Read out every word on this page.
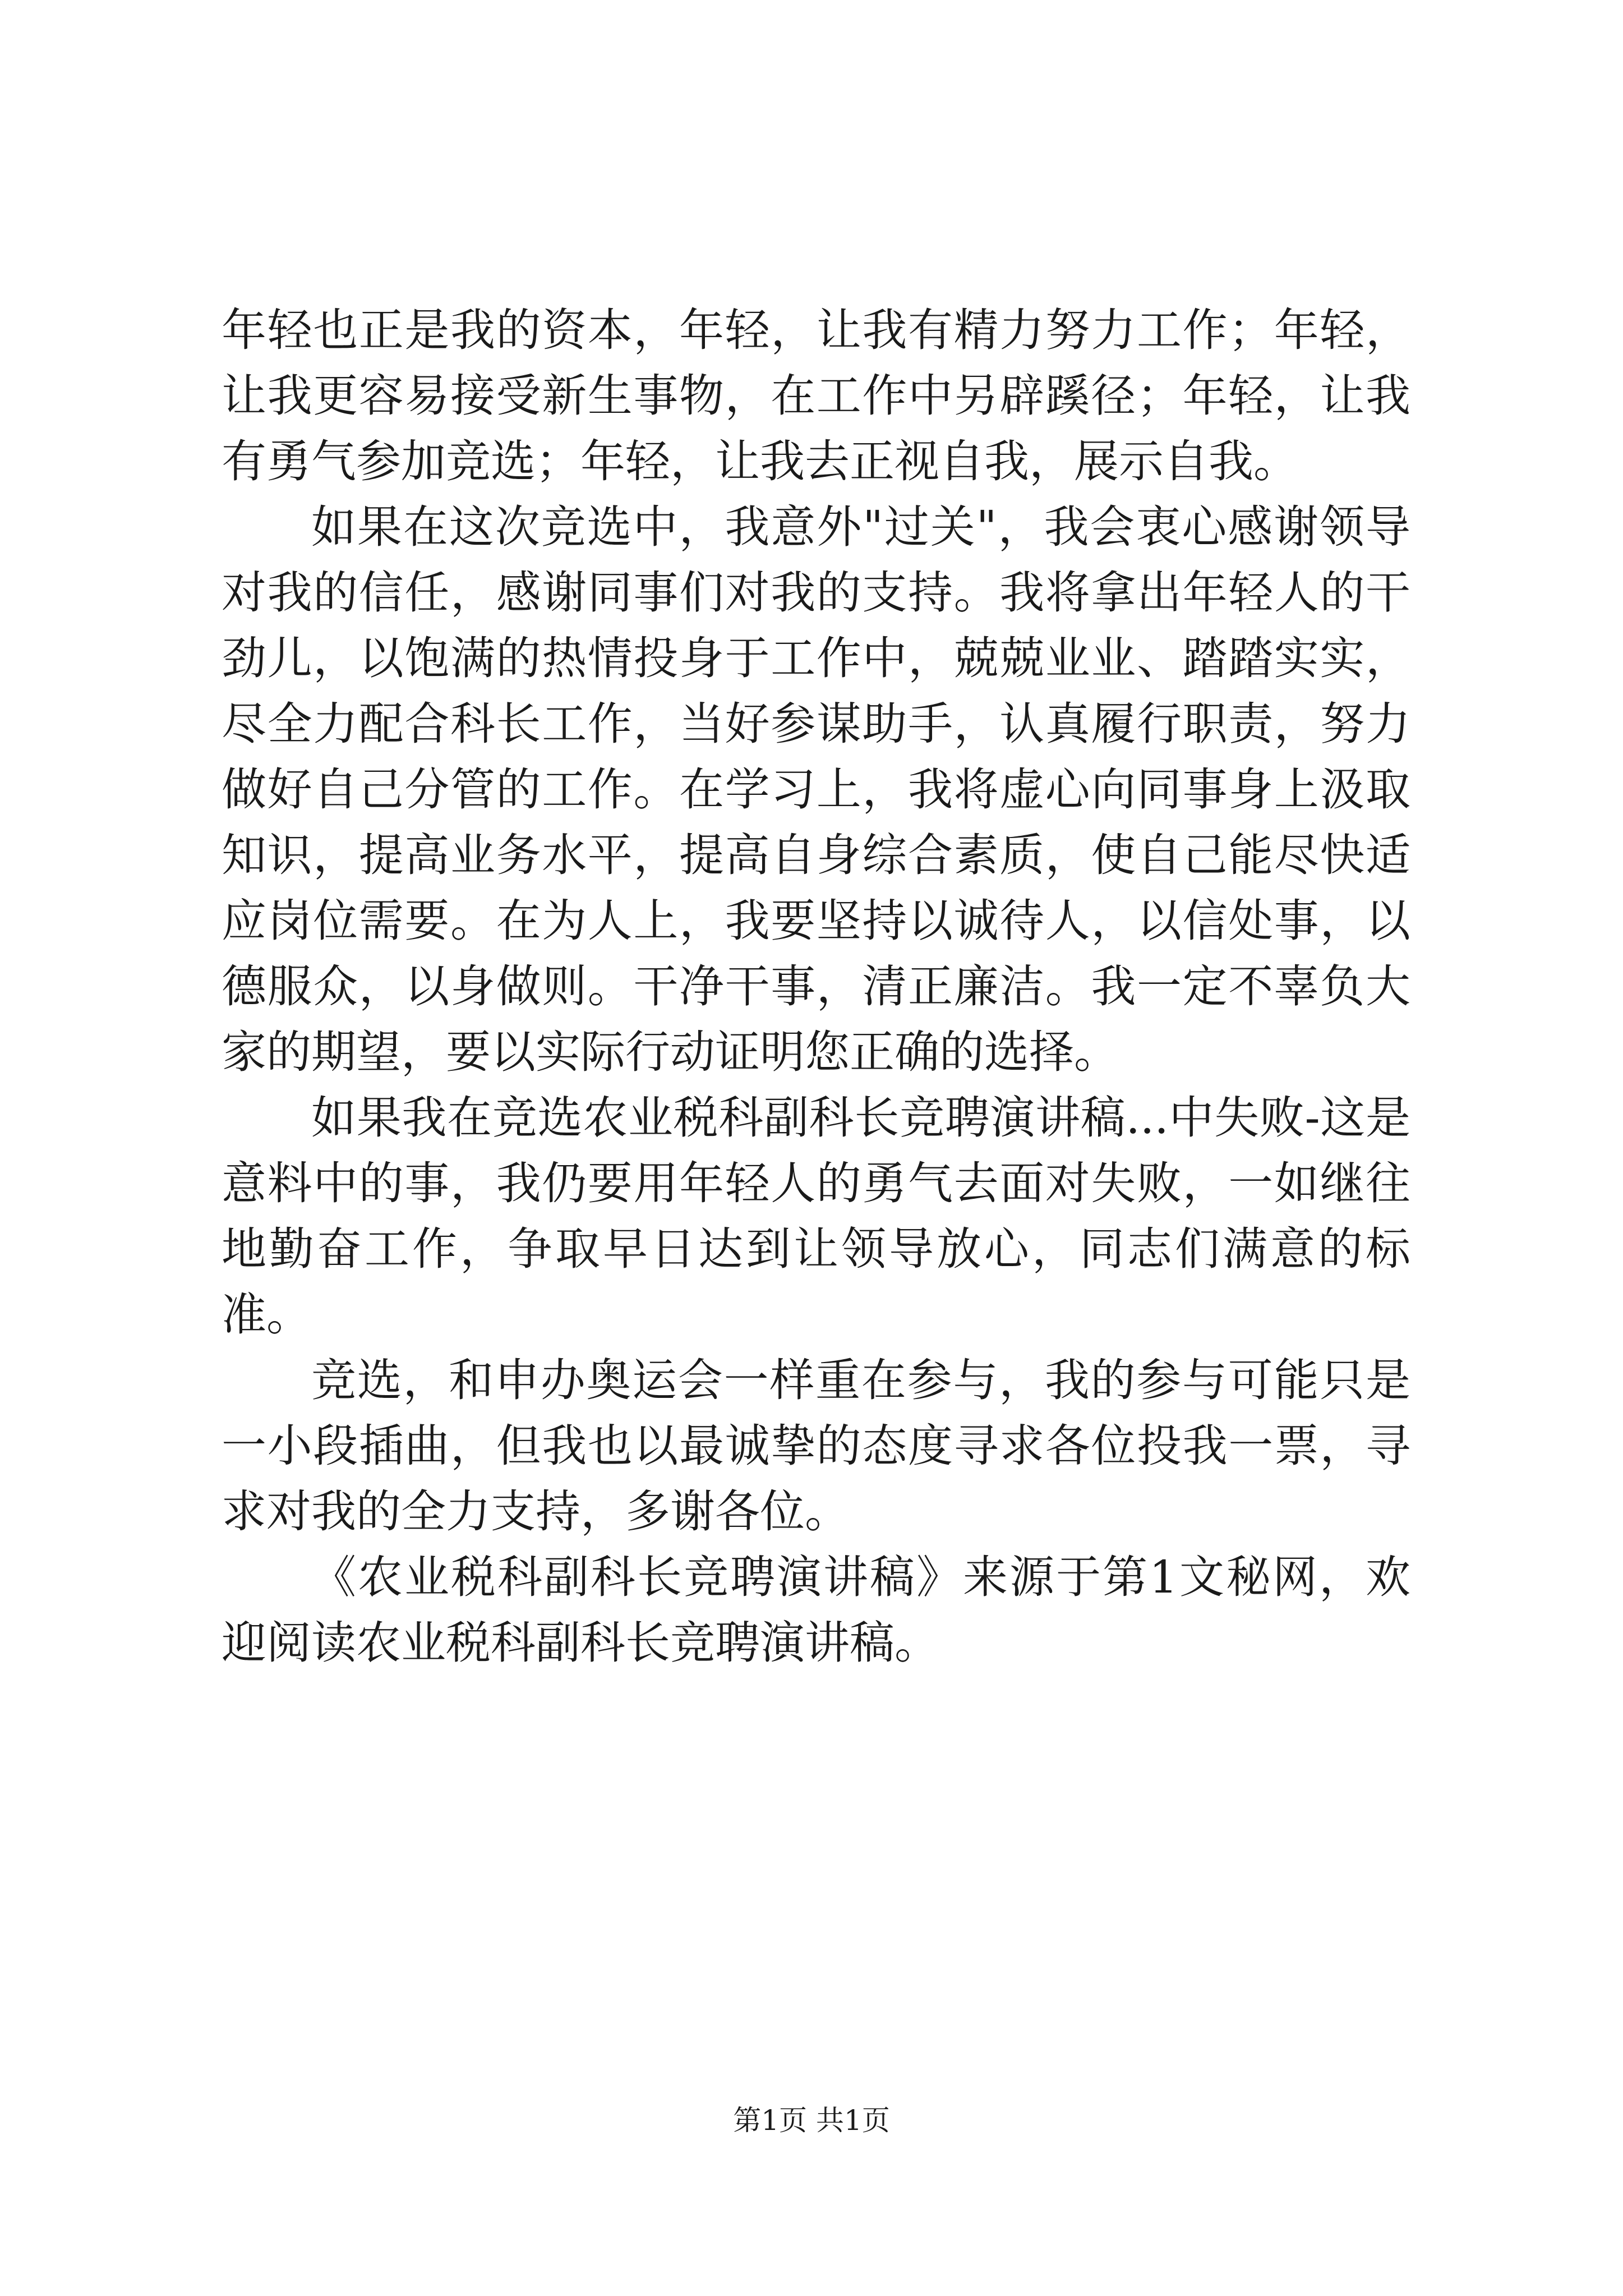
年轻也正是我的资本，年轻，让我有精力努力工作；年轻，让我更容易接受新生事物，在工作中另辟蹊径；年轻，让我有勇气参加竞选；年轻，让我去正视自我，展示自我。

如果在这次竞选中，我意外"过关"，我会衷心感谢领导对我的信任，感谢同事们对我的支持。我将拿出年轻人的干劲儿，以饱满的热情投身于工作中，兢兢业业、踏踏实实，尽全力配合科长工作，当好参谋助手，认真履行职责，努力做好自己分管的工作。在学习上，我将虚心向同事身上汲取知识，提高业务水平，提高自身综合素质，使自己能尽快适应岗位需要。在为人上，我要坚持以诚待人，以信处事，以德服众，以身做则。干净干事，清正廉洁。我一定不辜负大家的期望，要以实际行动证明您正确的选择。

如果我在竞选农业税科副科长竞聘演讲稿...中失败-这是意料中的事，我仍要用年轻人的勇气去面对失败，一如继往地勤奋工作，争取早日达到让领导放心，同志们满意的标准。

竞选，和申办奥运会一样重在参与，我的参与可能只是一小段插曲，但我也以最诚挚的态度寻求各位投我一票，寻求对我的全力支持，多谢各位。

《农业税科副科长竞聘演讲稿》来源于第1文秘网，欢迎阅读农业税科副科长竞聘演讲稿。

第1页 共1页
